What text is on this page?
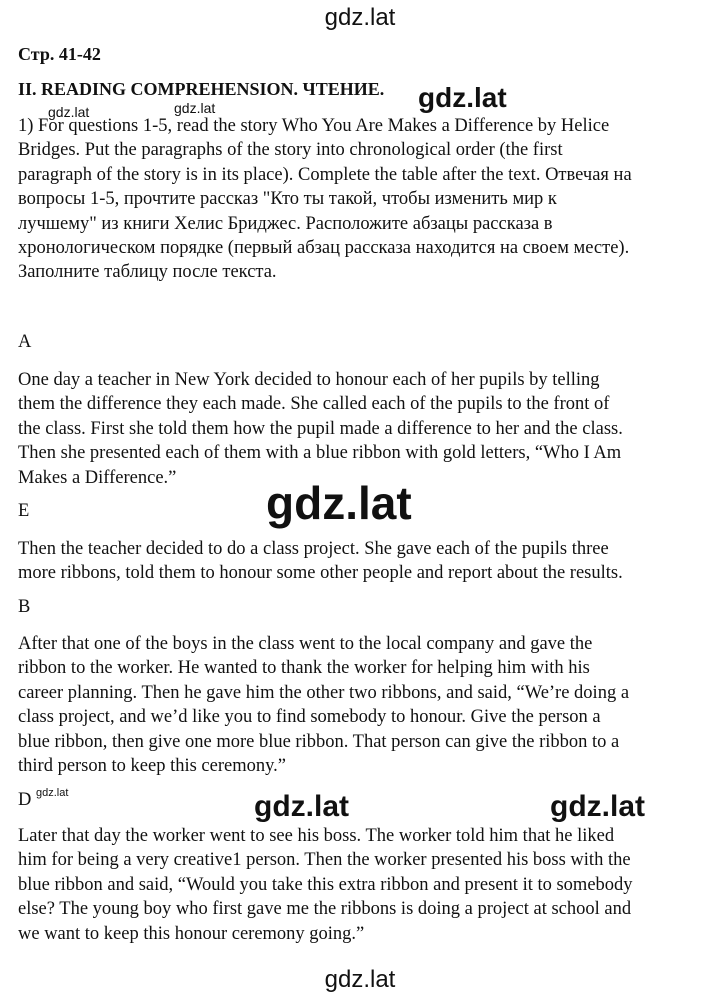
gdz.lat
Стр. 41-42
II. READING COMPREHENSION. ЧТЕНИЕ. gdz.lat
gdz.lat	gdz.lat
1) For questions 1-5, read the story Who You Are Makes a Difference by Helice
Bridges. Put the paragraphs of the story into chronological order (the first
paragraph of the story is in its place). Complete the table after the text. Отвечая на
вопросы 1-5, прочтите рассказ "Кто ты такой, чтобы изменить мир к
лучшему" из книги Хелис Бриджес. Расположите абзацы рассказа в
хронологическом порядке (первый абзац рассказа находится на своем месте).
Заполните таблицу после текста.
A
One day a teacher in New York decided to honour each of her pupils by telling
them the difference they each made. She called each of the pupils to the front of
the class. First she told them how the pupil made a difference to her and the class.
Then she presented each of them with a blue ribbon with gold letters, “Who I Am
Makes a Difference.”	gdz.lat
E
Then the teacher decided to do a class project. She gave each of the pupils three
more ribbons, told them to honour some other people and report about the results.
B
After that one of the boys in the class went to the local company and gave the
ribbon to the worker. He wanted to thank the worker for helping him with his
career planning. Then he gave him the other two ribbons, and said, “We’re doing a
class project, and we’d like you to find somebody to honour. Give the person a
blue ribbon, then give one more blue ribbon. That person can give the ribbon to a
third person to keep this ceremony.”
D gdz.lat	gdz.lat	gdz.lat
Later that day the worker went to see his boss. The worker told him that he liked
him for being a very creative1 person. Then the worker presented his boss with the
blue ribbon and said, “Would you take this extra ribbon and present it to somebody
else? The young boy who first gave me the ribbons is doing a project at school and
we want to keep this honour ceremony going.”
gdz.lat
